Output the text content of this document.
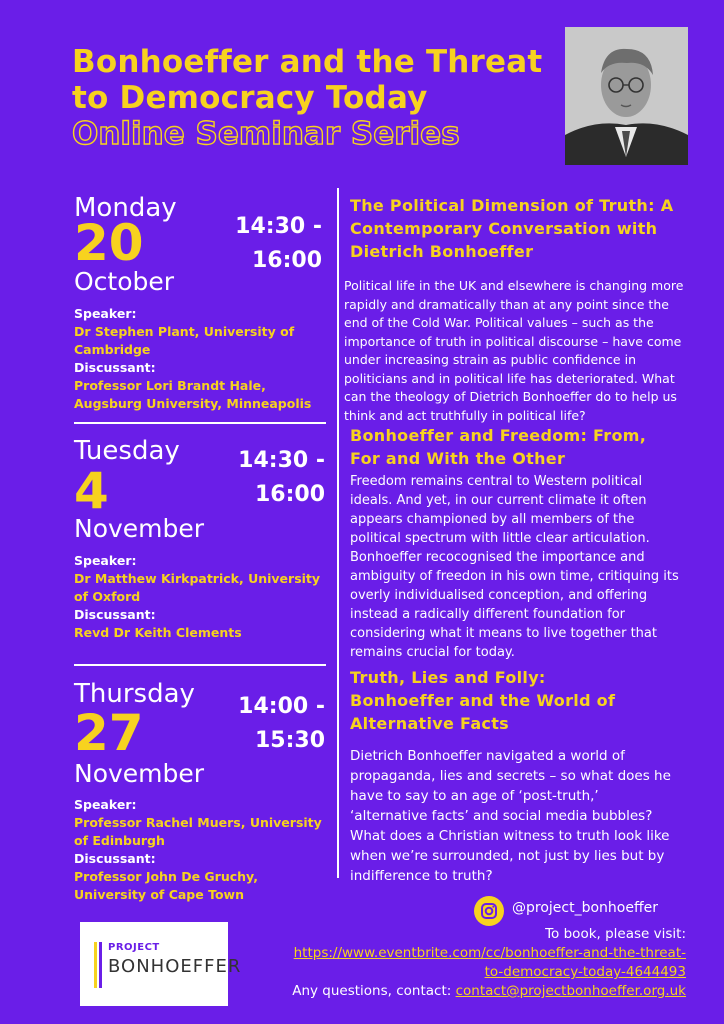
Bonhoeffer and the Threat
to Democracy Today
Online Seminar Series
Monday
20
October
14:30 -
16:00
Speaker:
Dr Stephen Plant, University of Cambridge
Discussant:
Professor Lori Brandt Hale, Augsburg University, Minneapolis
Tuesday
4
November
14:30 -
16:00
Speaker:
Dr Matthew Kirkpatrick, University of Oxford
Discussant:
Revd Dr Keith Clements
Thursday
27
November
14:00 -
15:30
Speaker:
Professor Rachel Muers, University of Edinburgh
Discussant:
Professor John De Gruchy, University of Cape Town
The Political Dimension of Truth: A Contemporary Conversation with Dietrich Bonhoeffer
Political life in the UK and elsewhere is changing more rapidly and dramatically than at any point since the end of the Cold War. Political values – such as the importance of truth in political discourse – have come under increasing strain as public confidence in politicians and in political life has deteriorated. What can the theology of Dietrich Bonhoeffer do to help us think and act truthfully in political life?
Bonhoeffer and Freedom: From, For and With the Other
Freedom remains central to Western political ideals. And yet, in our current climate it often appears championed by all members of the political spectrum with little clear articulation. Bonhoeffer recocognised the importance and ambiguity of freedon in his own time, critiquing its overly individualised conception, and offering instead a radically different foundation for considering what it means to live together that remains crucial for today.
Truth, Lies and Folly: Bonhoeffer and the World of Alternative Facts
Dietrich Bonhoeffer navigated a world of propaganda, lies and secrets – so what does he have to say to an age of ‘post-truth,’ ‘alternative facts’ and social media bubbles? What does a Christian witness to truth look like when we’re surrounded, not just by lies but by indifference to truth?
@project_bonhoeffer
To book, please visit:
https://www.eventbrite.com/cc/bonhoeffer-and-the-threat-
to-democracy-today-4644493
Any questions, contact: contact@projectbonhoeffer.org.uk
PROJECT
BONHOEFFER
